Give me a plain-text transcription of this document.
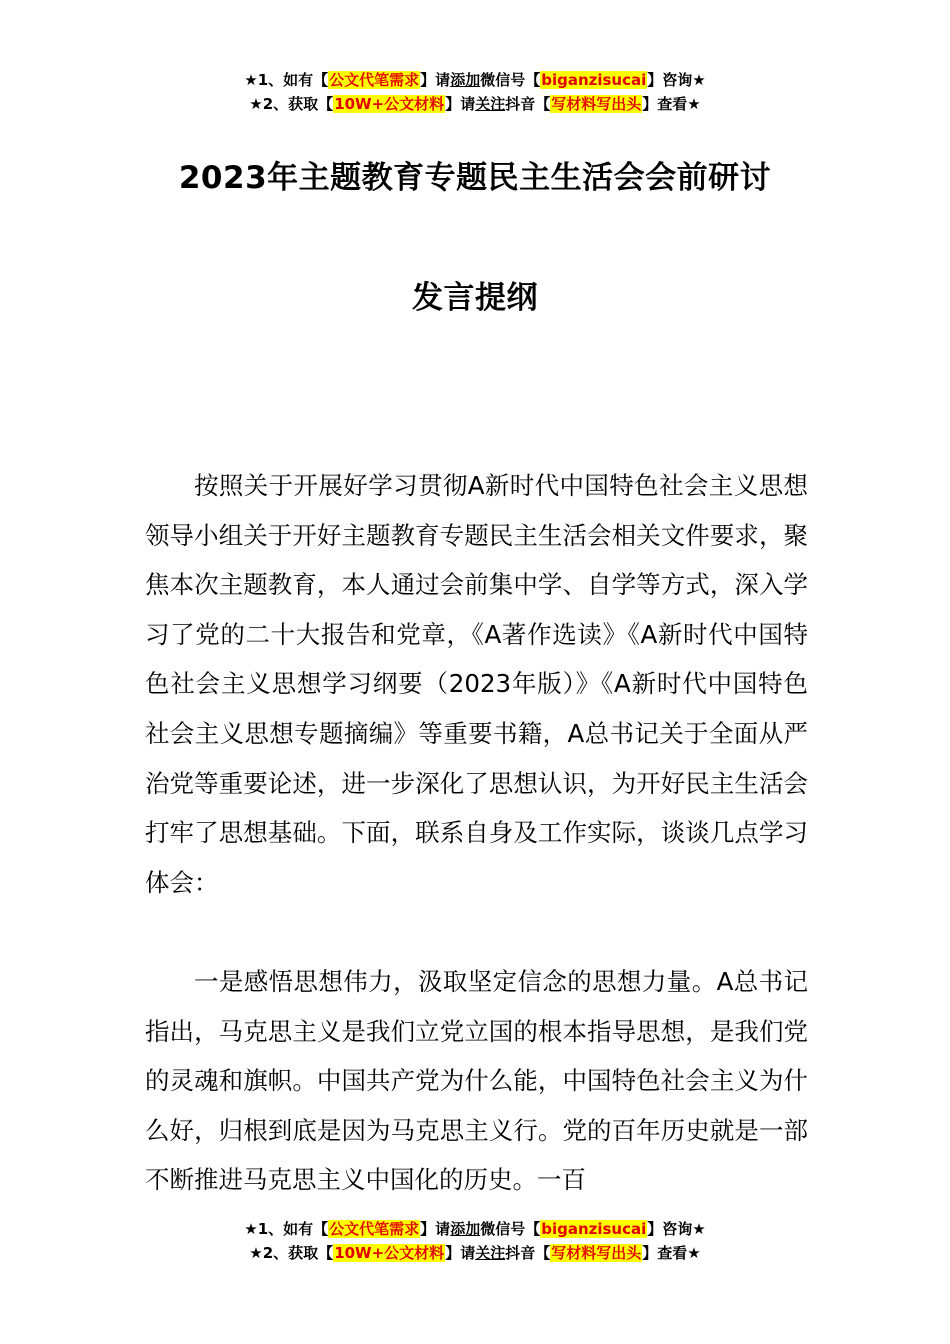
★1、如有【公文代笔需求】请添加微信号【biganzisucai】咨询★
★2、获取【10W+公文材料】请关注抖音【写材料写出头】查看★
2023年主题教育专题民主生活会会前研讨
发言提纲

按照关于开展好学习贯彻A新时代中国特色社会主义思想领导小组关于开好主题教育专题民主生活会相关文件要求，聚焦本次主题教育，本人通过会前集中学、自学等方式，深入学习了党的二十大报告和党章，《A著作选读》《A新时代中国特色社会主义思想学习纲要（2023年版）》《A新时代中国特色社会主义思想专题摘编》等重要书籍，A总书记关于全面从严治党等重要论述，进一步深化了思想认识，为开好民主生活会打牢了思想基础。下面，联系自身及工作实际，谈谈几点学习体会：

一是感悟思想伟力，汲取坚定信念的思想力量。A总书记指出，马克思主义是我们立党立国的根本指导思想，是我们党的灵魂和旗帜。中国共产党为什么能，中国特色社会主义为什么好，归根到底是因为马克思主义行。党的百年历史就是一部不断推进马克思主义中国化的历史。一百

★1、如有【公文代笔需求】请添加微信号【biganzisucai】咨询★
★2、获取【10W+公文材料】请关注抖音【写材料写出头】查看★
